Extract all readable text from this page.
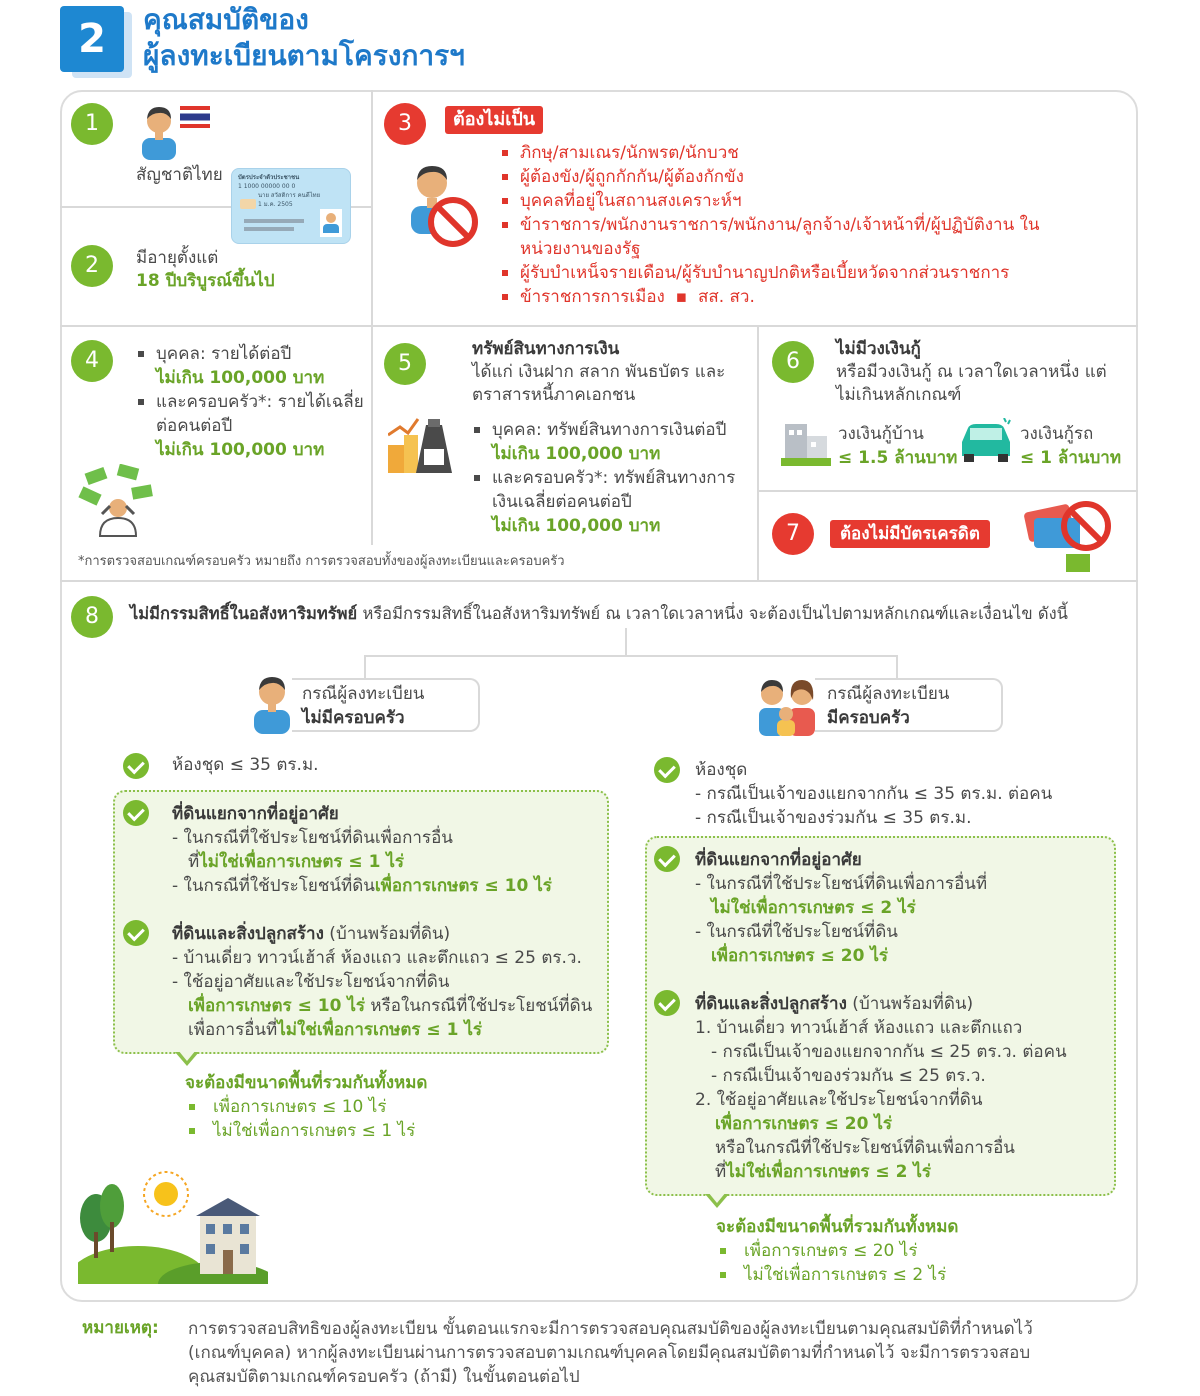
2	คุณสมบัติของ
ผู้ลงทะเบียนตามโครงการฯ
1
สัญชาติไทย	บัตรประจำตัวประชาชน
1 1000 00000 00 0
นาย สวัสดิการ คนดีไทย
1 ม.ค. 2505
2	มีอายุตั้งแต่
18 ปีบริบูรณ์ขึ้นไป
3	ต้องไม่เป็น
ภิกษุ/สามเณร/นักพรต/นักบวช
ผู้ต้องขัง/ผู้ถูกกักกัน/ผู้ต้องกักขัง
บุคคลที่อยู่ในสถานสงเคราะห์ฯ
ข้าราชการ/พนักงานราชการ/พนักงาน/ลูกจ้าง/เจ้าหน้าที่/ผู้ปฏิบัติงาน ในหน่วยงานของรัฐ
ผู้รับบำเหน็จรายเดือน/ผู้รับบำนาญปกติหรือเบี้ยหวัดจากส่วนราชการ
ข้าราชการการเมือง  ▪  สส. สว.
4	บุคคล: รายได้ต่อปี
ไม่เกิน 100,000 บาท
และครอบครัว*: รายได้เฉลี่ยต่อคนต่อปี
ไม่เกิน 100,000 บาท
*การตรวจสอบเกณฑ์ครอบครัว หมายถึง การตรวจสอบทั้งของผู้ลงทะเบียนและครอบครัว
5
ทรัพย์สินทางการเงิน
ได้แก่ เงินฝาก สลาก พันธบัตร และตราสารหนี้ภาคเอกชน
บุคคล: ทรัพย์สินทางการเงินต่อปี
ไม่เกิน 100,000 บาท
และครอบครัว*: ทรัพย์สินทางการเงินเฉลี่ยต่อคนต่อปี
ไม่เกิน 100,000 บาท
6	ไม่มีวงเงินกู้
หรือมีวงเงินกู้ ณ เวลาใดเวลาหนึ่ง แต่ไม่เกินหลักเกณฑ์
วงเงินกู้บ้าน
≤ 1.5 ล้านบาท
วงเงินกู้รถ
≤ 1 ล้านบาท
7	ต้องไม่มีบัตรเครดิต
8	ไม่มีกรรมสิทธิ์ในอสังหาริมทรัพย์ หรือมีกรรมสิทธิ์ในอสังหาริมทรัพย์ ณ เวลาใดเวลาหนึ่ง จะต้องเป็นไปตามหลักเกณฑ์และเงื่อนไข ดังนี้
กรณีผู้ลงทะเบียน
ไม่มีครอบครัว
ห้องชุด ≤ 35 ตร.ม.
ที่ดินแยกจากที่อยู่อาศัย
- ในกรณีที่ใช้ประโยชน์ที่ดินเพื่อการอื่น
ที่ไม่ใช่เพื่อการเกษตร ≤ 1 ไร่
- ในกรณีที่ใช้ประโยชน์ที่ดินเพื่อการเกษตร ≤ 10 ไร่
ที่ดินและสิ่งปลูกสร้าง (บ้านพร้อมที่ดิน)
- บ้านเดี่ยว ทาวน์เฮ้าส์ ห้องแถว และตึกแถว ≤ 25 ตร.ว.
- ใช้อยู่อาศัยและใช้ประโยชน์จากที่ดิน
เพื่อการเกษตร ≤ 10 ไร่ หรือในกรณีที่ใช้ประโยชน์ที่ดิน
เพื่อการอื่นที่ไม่ใช่เพื่อการเกษตร ≤ 1 ไร่
จะต้องมีขนาดพื้นที่รวมกันทั้งหมด
เพื่อการเกษตร ≤ 10 ไร่
ไม่ใช่เพื่อการเกษตร ≤ 1 ไร่
กรณีผู้ลงทะเบียน
มีครอบครัว
ห้องชุด
- กรณีเป็นเจ้าของแยกจากกัน ≤ 35 ตร.ม. ต่อคน
- กรณีเป็นเจ้าของร่วมกัน ≤ 35 ตร.ม.
ที่ดินแยกจากที่อยู่อาศัย
- ในกรณีที่ใช้ประโยชน์ที่ดินเพื่อการอื่นที่
ไม่ใช่เพื่อการเกษตร ≤ 2 ไร่
- ในกรณีที่ใช้ประโยชน์ที่ดิน
เพื่อการเกษตร ≤ 20 ไร่
ที่ดินและสิ่งปลูกสร้าง (บ้านพร้อมที่ดิน)
1. บ้านเดี่ยว ทาวน์เฮ้าส์ ห้องแถว และตึกแถว
- กรณีเป็นเจ้าของแยกจากกัน ≤ 25 ตร.ว. ต่อคน
- กรณีเป็นเจ้าของร่วมกัน ≤ 25 ตร.ว.
2. ใช้อยู่อาศัยและใช้ประโยชน์จากที่ดิน
เพื่อการเกษตร ≤ 20 ไร่
หรือในกรณีที่ใช้ประโยชน์ที่ดินเพื่อการอื่น
ที่ไม่ใช่เพื่อการเกษตร ≤ 2 ไร่
จะต้องมีขนาดพื้นที่รวมกันทั้งหมด
เพื่อการเกษตร ≤ 20 ไร่
ไม่ใช่เพื่อการเกษตร ≤ 2 ไร่
หมายเหตุ: การตรวจสอบสิทธิของผู้ลงทะเบียน ขั้นตอนแรกจะมีการตรวจสอบคุณสมบัติของผู้ลงทะเบียนตามคุณสมบัติที่กำหนดไว้ (เกณฑ์บุคคล) หากผู้ลงทะเบียนผ่านการตรวจสอบตามเกณฑ์บุคคลโดยมีคุณสมบัติตามที่กำหนดไว้ จะมีการตรวจสอบคุณสมบัติตามเกณฑ์ครอบครัว (ถ้ามี) ในขั้นตอนต่อไป
